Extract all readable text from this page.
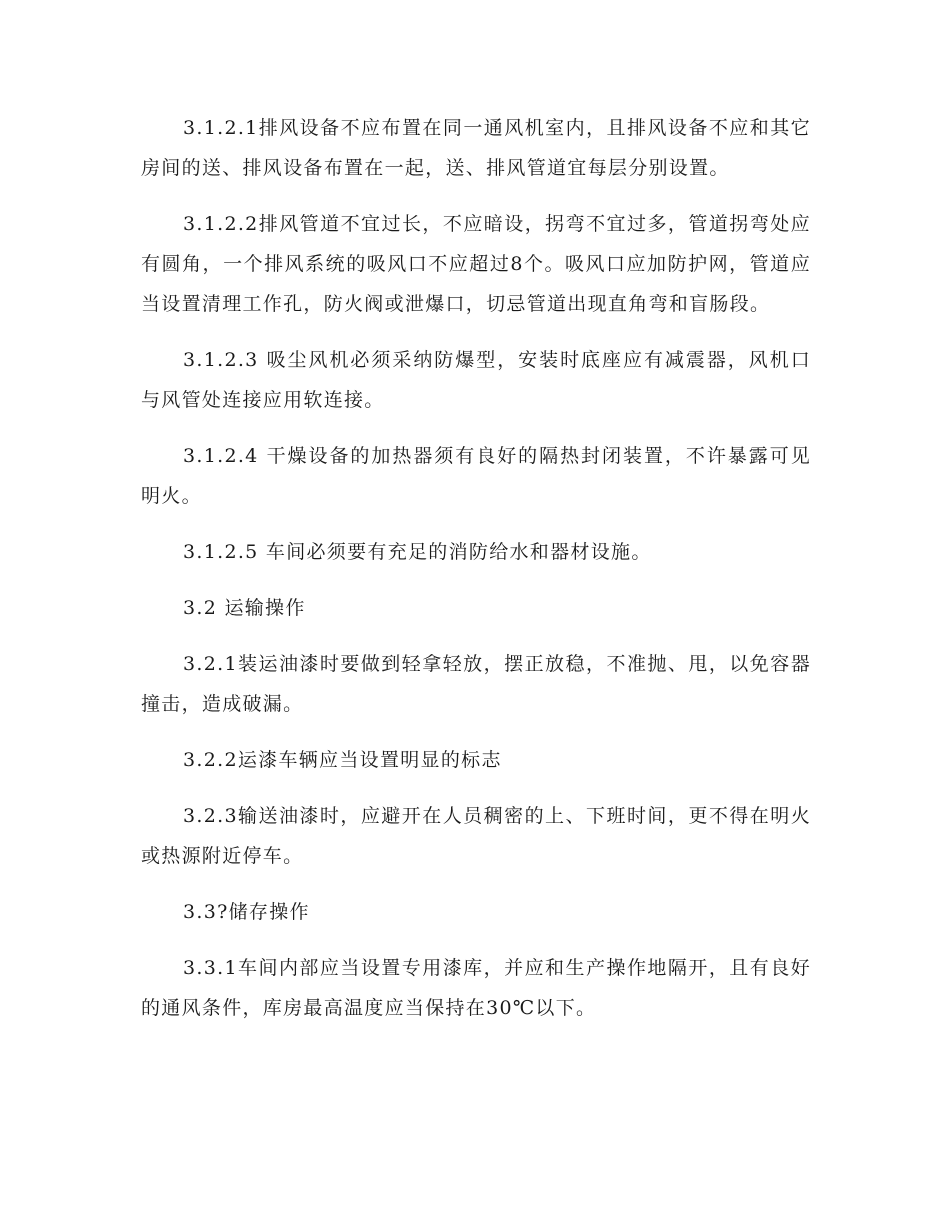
3.1.2.1排风设备不应布置在同一通风机室内，且排风设备不应和其它房间的送、排风设备布置在一起，送、排风管道宜每层分别设置。

3.1.2.2排风管道不宜过长，不应暗设，拐弯不宜过多，管道拐弯处应有圆角，一个排风系统的吸风口不应超过8个。吸风口应加防护网，管道应当设置清理工作孔，防火阀或泄爆口，切忌管道出现直角弯和盲肠段。

3.1.2.3 吸尘风机必须采纳防爆型，安装时底座应有减震器，风机口与风管处连接应用软连接。

3.1.2.4 干燥设备的加热器须有良好的隔热封闭装置，不许暴露可见明火。

3.1.2.5 车间必须要有充足的消防给水和器材设施。

3.2 运输操作

3.2.1装运油漆时要做到轻拿轻放，摆正放稳，不准抛、甩，以免容器撞击，造成破漏。

3.2.2运漆车辆应当设置明显的标志

3.2.3输送油漆时，应避开在人员稠密的上、下班时间，更不得在明火或热源附近停车。

3.3?储存操作

3.3.1车间内部应当设置专用漆库，并应和生产操作地隔开，且有良好的通风条件，库房最高温度应当保持在30℃以下。
